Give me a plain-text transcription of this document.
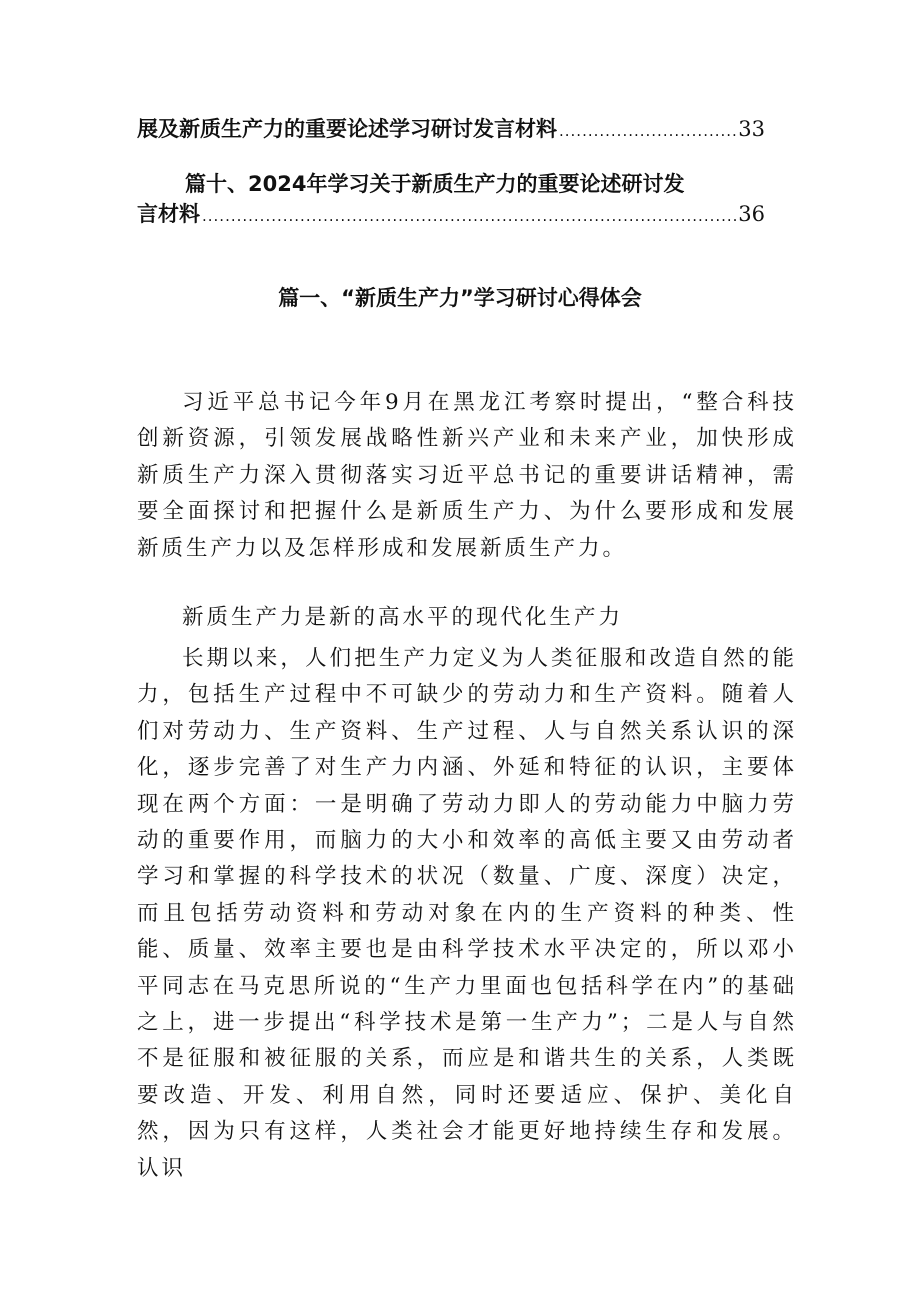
展及新质生产力的重要论述学习研讨发言材料 .....	33
篇十、2024年学习关于新质生产力的重要论述研讨发
言材料 .....	36
篇一、“新质生产力”学习研讨心得体会

习近平总书记今年9月在黑龙江考察时提出，“整合科技创新资源，引领发展战略性新兴产业和未来产业，加快形成新质生产力深入贯彻落实习近平总书记的重要讲话精神，需要全面探讨和把握什么是新质生产力、为什么要形成和发展新质生产力以及怎样形成和发展新质生产力。

新质生产力是新的高水平的现代化生产力

长期以来，人们把生产力定义为人类征服和改造自然的能力，包括生产过程中不可缺少的劳动力和生产资料。随着人们对劳动力、生产资料、生产过程、人与自然关系认识的深化，逐步完善了对生产力内涵、外延和特征的认识，主要体现在两个方面：一是明确了劳动力即人的劳动能力中脑力劳动的重要作用，而脑力的大小和效率的高低主要又由劳动者学习和掌握的科学技术的状况（数量、广度、深度）决定，而且包括劳动资料和劳动对象在内的生产资料的种类、性能、质量、效率主要也是由科学技术水平决定的，所以邓小平同志在马克思所说的“生产力里面也包括科学在内”的基础之上，进一步提出“科学技术是第一生产力”；二是人与自然不是征服和被征服的关系，而应是和谐共生的关系，人类既要改造、开发、利用自然，同时还要适应、保护、美化自然，因为只有这样，人类社会才能更好地持续生存和发展。认识
